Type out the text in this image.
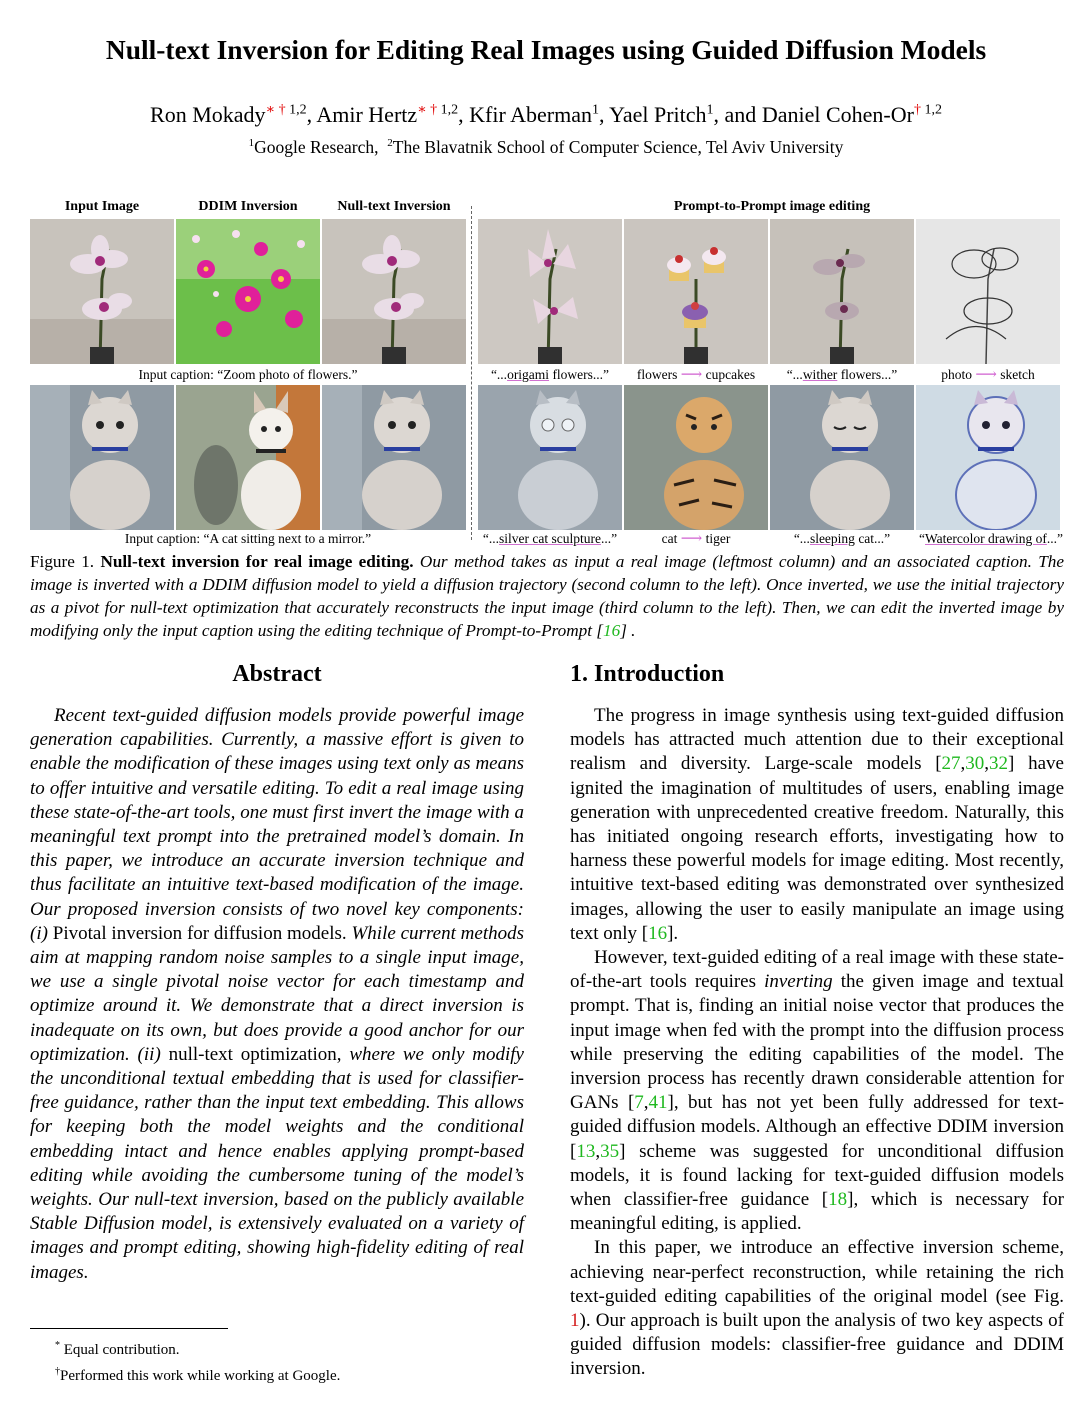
Null-text Inversion for Editing Real Images using Guided Diffusion Models
Ron Mokady∗ † $^{1,2}$, Amir Hertz∗ † $^{1,2}$, Kfir Aberman$^1$, Yael Pritch$^1$, and Daniel Cohen-Or† $^{1,2}$
$^1$Google Research, $^2$The Blavatnik School of Computer Science, Tel Aviv University
Input Image	DDIM Inversion	Null-text Inversion	Prompt-to-Prompt image editing
Input caption: “Zoom photo of flowers.”	“...origami flowers...”	flowers ⟶ cupcakes	“...wither flowers...”	photo ⟶ sketch
Input caption: “A cat sitting next to a mirror.”	“...silver cat sculpture...”	cat ⟶ tiger	“...sleeping cat...”	“Watercolor drawing of...”
Figure 1. Null-text inversion for real image editing. Our method takes as input a real image (leftmost column) and an associated caption. The image is inverted with a DDIM diffusion model to yield a diffusion trajectory (second column to the left). Once inverted, we use the initial trajectory as a pivot for null-text optimization that accurately reconstructs the input image (third column to the left). Then, we can edit the inverted image by modifying only the input caption using the editing technique of Prompt-to-Prompt [16] .
Abstract

Recent text-guided diffusion models provide powerful image generation capabilities. Currently, a massive effort is given to enable the modification of these images using text only as means to offer intuitive and versatile editing. To edit a real image using these state-of-the-art tools, one must first invert the image with a meaningful text prompt into the pretrained model’s domain. In this paper, we introduce an accurate inversion technique and thus facilitate an intuitive text-based modification of the image. Our proposed inversion consists of two novel key components: (i) Pivotal inversion for diffusion models. While current methods aim at mapping random noise samples to a single input image, we use a single pivotal noise vector for each timestamp and optimize around it. We demonstrate that a direct inversion is inadequate on its own, but does provide a good anchor for our optimization. (ii) null-text optimization, where we only modify the unconditional textual embedding that is used for classifier-free guidance, rather than the input text embedding. This allows for keeping both the model weights and the conditional embedding intact and hence enables applying prompt-based editing while avoiding the cumbersome tuning of the model’s weights. Our null-text inversion, based on the publicly available Stable Diffusion model, is extensively evaluated on a variety of images and prompt editing, showing high-fidelity editing of real images.

* Equal contribution.
†Performed this work while working at Google.
1. Introduction

The progress in image synthesis using text-guided diffusion models has attracted much attention due to their exceptional realism and diversity. Large-scale models [27,30,32] have ignited the imagination of multitudes of users, enabling image generation with unprecedented creative freedom. Naturally, this has initiated ongoing research efforts, investigating how to harness these powerful models for image editing. Most recently, intuitive text-based editing was demonstrated over synthesized images, allowing the user to easily manipulate an image using text only [16].

However, text-guided editing of a real image with these state-of-the-art tools requires inverting the given image and textual prompt. That is, finding an initial noise vector that produces the input image when fed with the prompt into the diffusion process while preserving the editing capabilities of the model. The inversion process has recently drawn considerable attention for GANs [7,41], but has not yet been fully addressed for text-guided diffusion models. Although an effective DDIM inversion [13,35] scheme was suggested for unconditional diffusion models, it is found lacking for text-guided diffusion models when classifier-free guidance [18], which is necessary for meaningful editing, is applied.

In this paper, we introduce an effective inversion scheme, achieving near-perfect reconstruction, while retaining the rich text-guided editing capabilities of the original model (see Fig. 1). Our approach is built upon the analysis of two key aspects of guided diffusion models: classifier-free guidance and DDIM inversion.
